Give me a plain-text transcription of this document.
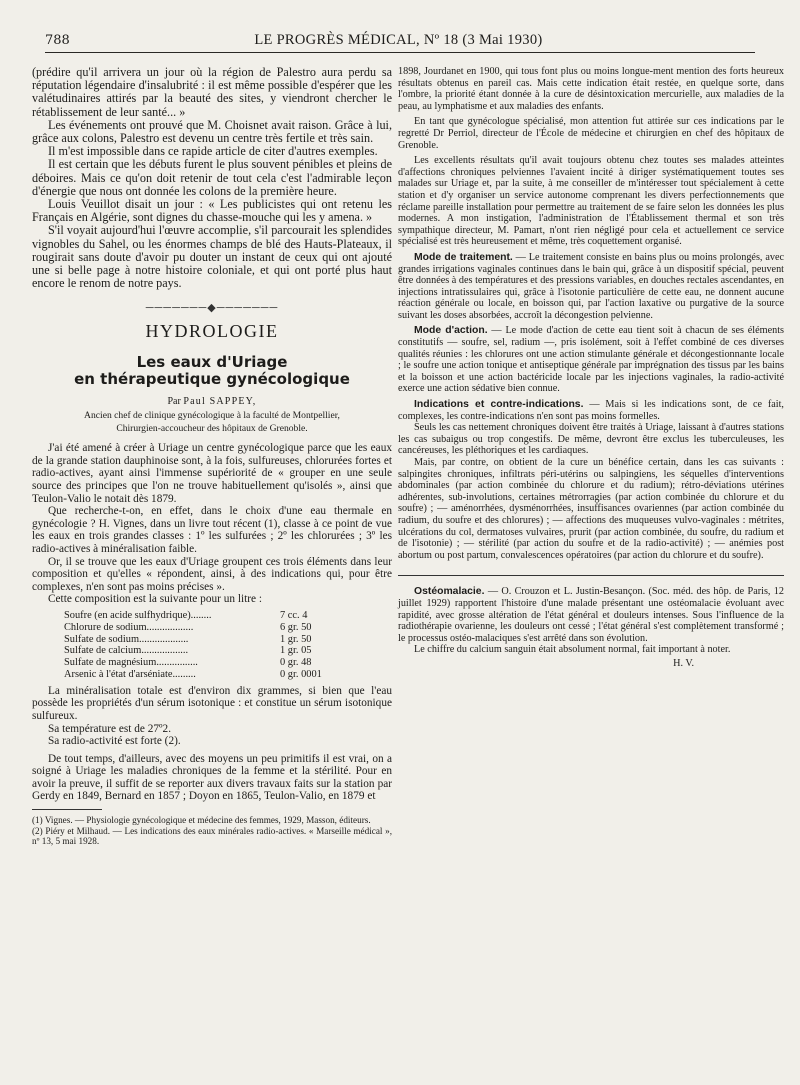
788	LE PROGRÈS MÉDICAL, Nº 18 (3 Mai 1930)

(prédire qu'il arrivera un jour où la région de Palestro aura perdu sa réputation légendaire d'insalubrité : il est même possible d'espérer que les valétudinaires attirés par la beauté des sites, y viendront chercher le rétablissement de leur santé... »

Les événements ont prouvé que M. Choisnet avait raison. Grâce à lui, grâce aux colons, Palestro est devenu un centre très fertile et très sain.

Il m'est impossible dans ce rapide article de citer d'autres exemples.

Il est certain que les débuts furent le plus souvent pénibles et pleins de déboires. Mais ce qu'on doit retenir de tout cela c'est l'admirable leçon d'énergie que nous ont donnée les colons de la première heure.

Louis Veuillot disait un jour : « Les publicistes qui ont retenu les Français en Algérie, sont dignes du chasse-mouche qui les y amena. »

S'il voyait aujourd'hui l'œuvre accomplie, s'il parcourait les splendides vignobles du Sahel, ou les énormes champs de blé des Hauts-Plateaux, il rougirait sans doute d'avoir pu douter un instant de ceux qui ont ajouté une si belle page à notre histoire coloniale, et qui ont porté plus haut encore le renom de notre pays.

───────◆───────
HYDROLOGIE
Les eaux d'Uriage
en thérapeutique gynécologique
Par Paul SAPPEY,
Ancien chef de clinique gynécologique à la faculté de Montpellier,
Chirurgien-accoucheur des hôpitaux de Grenoble.

J'ai été amené à créer à Uriage un centre gynécologique parce que les eaux de la grande station dauphinoise sont, à la fois, sulfureuses, chlorurées fortes et radio-actives, ayant ainsi l'immense supériorité de « grouper en une seule source des principes que l'on ne trouve habituellement qu'isolés », ainsi que Teulon-Valio le notait dès 1879.

Que recherche-t-on, en effet, dans le choix d'une eau thermale en gynécologie ? H. Vignes, dans un livre tout récent (1), classe à ce point de vue les eaux en trois grandes classes : 1º les sulfurées ; 2º les chlorurées ; 3º les radio-actives à minéralisation faible.

Or, il se trouve que les eaux d'Uriage groupent ces trois éléments dans leur composition et qu'elles « répondent, ainsi, à des indications qui, pour être complexes, n'en sont pas moins précises ».

Cette composition est la suivante pour un litre :

Soufre (en acide sulfhydrique)........	7 cc. 4
Chlorure de sodium..................	6 gr. 50
Sulfate de sodium...................	1 gr. 50
Sulfate de calcium..................	1 gr. 05
Sulfate de magnésium................	0 gr. 48
Arsenic à l'état d'arséniate.........	0 gr. 0001

La minéralisation totale est d'environ dix grammes, si bien que l'eau possède les propriétés d'un sérum isotonique : et constitue un sérum isotonique sulfureux.

Sa température est de 27º2.

Sa radio-activité est forte (2).

De tout temps, d'ailleurs, avec des moyens un peu primitifs il est vrai, on a soigné à Uriage les maladies chroniques de la femme et la stérilité. Pour en avoir la preuve, il suffit de se reporter aux divers travaux faits sur la station par Gerdy en 1849, Bernard en 1857 ; Doyon en 1865, Teulon-Valio, en 1879 et

(1) Vignes. — Physiologie gynécologique et médecine des femmes, 1929, Masson, éditeurs.
(2) Piéry et Milhaud. — Les indications des eaux minérales radio-actives. « Marseille médical », nº 13, 5 mai 1928.

1898, Jourdanet en 1900, qui tous font plus ou moins longue-ment mention des forts heureux résultats obtenus en pareil cas. Mais cette indication était restée, en quelque sorte, dans l'ombre, la priorité étant donnée à la cure de désintoxication mercurielle, aux maladies de la peau, au lymphatisme et aux maladies des enfants.

En tant que gynécologue spécialisé, mon attention fut attirée sur ces indications par le regretté Dr Perriol, directeur de l'École de médecine et chirurgien en chef des hôpitaux de Grenoble.

Les excellents résultats qu'il avait toujours obtenu chez toutes ses malades atteintes d'affections chroniques pelviennes l'avaient incité à diriger systématiquement toutes ses malades sur Uriage et, par la suite, à me conseiller de m'intéresser tout spécialement à cette station et d'y organiser un service autonome comprenant les divers perfectionnements que réclame pareille installation pour permettre au traitement de se faire selon les données les plus modernes. A mon instigation, l'administration de l'Établissement thermal et son très sympathique directeur, M. Pamart, n'ont rien négligé pour cela et actuellement ce service spécialisé est très heureusement et même, très coquettement organisé.

Mode de traitement. — Le traitement consiste en bains plus ou moins prolongés, avec grandes irrigations vaginales continues dans le bain qui, grâce à un dispositif spécial, peuvent être données à des températures et des pressions variables, en douches rectales ascendantes, en injections intratissulaires qui, grâce à l'isotonie particulière de cette eau, ne donnent aucune réaction générale ou locale, en boisson qui, par l'action laxative ou purgative de la source suivant les doses absorbées, accroît la décongestion pelvienne.

Mode d'action. — Le mode d'action de cette eau tient soit à chacun de ses éléments constitutifs — soufre, sel, radium —, pris isolément, soit à l'effet combiné de ces diverses qualités réunies : les chlorures ont une action stimulante générale et décongestionnante locale ; le soufre une action tonique et antiseptique générale par imprégnation des tissus par les bains et la boisson et une action bactéricide locale par les injections vaginales, la radio-activité exerce une action sédative bien connue.

Indications et contre-indications. — Mais si les indications sont, de ce fait, complexes, les contre-indications n'en sont pas moins formelles.

Seuls les cas nettement chroniques doivent être traités à Uriage, laissant à d'autres stations les cas subaigus ou trop congestifs. De même, devront être exclus les tuberculeuses, les cancéreuses, les pléthoriques et les cardiaques.

Mais, par contre, on obtient de la cure un bénéfice certain, dans les cas suivants : salpingites chroniques, infiltrats péri-utérins ou salpingiens, les séquelles d'interventions abdominales (par action combinée du chlorure et du radium); rétro-déviations utérines adhérentes, sub-involutions, certaines métrorragies (par action combinée du chlorure et du soufre) ; — aménorrhées, dysménorrhées, insuffisances ovariennes (par action combinée du radium, du soufre et des chlorures) ; — affections des muqueuses vulvo-vaginales : métrites, ulcérations du col, dermatoses vulvaires, prurit (par action combinée, du soufre, du radium et de l'isotonie) ; — stérilité (par action du soufre et de la radio-activité) ; — anémies post abortum ou post partum, convalescences opératoires (par action du chlorure et du soufre).

Ostéomalacie. — O. Crouzon et L. Justin-Besançon. (Soc. méd. des hôp. de Paris, 12 juillet 1929) rapportent l'histoire d'une malade présentant une ostéomalacie évoluant avec rapidité, avec grosse altération de l'état général et douleurs intenses. Sous l'influence de la radiothérapie ovarienne, les douleurs ont cessé ; l'état général s'est complètement transformé ; le processus ostéo-malaciques s'est arrêté dans son évolution.

Le chiffre du calcium sanguin était absolument normal, fait important à noter.

H. V.
